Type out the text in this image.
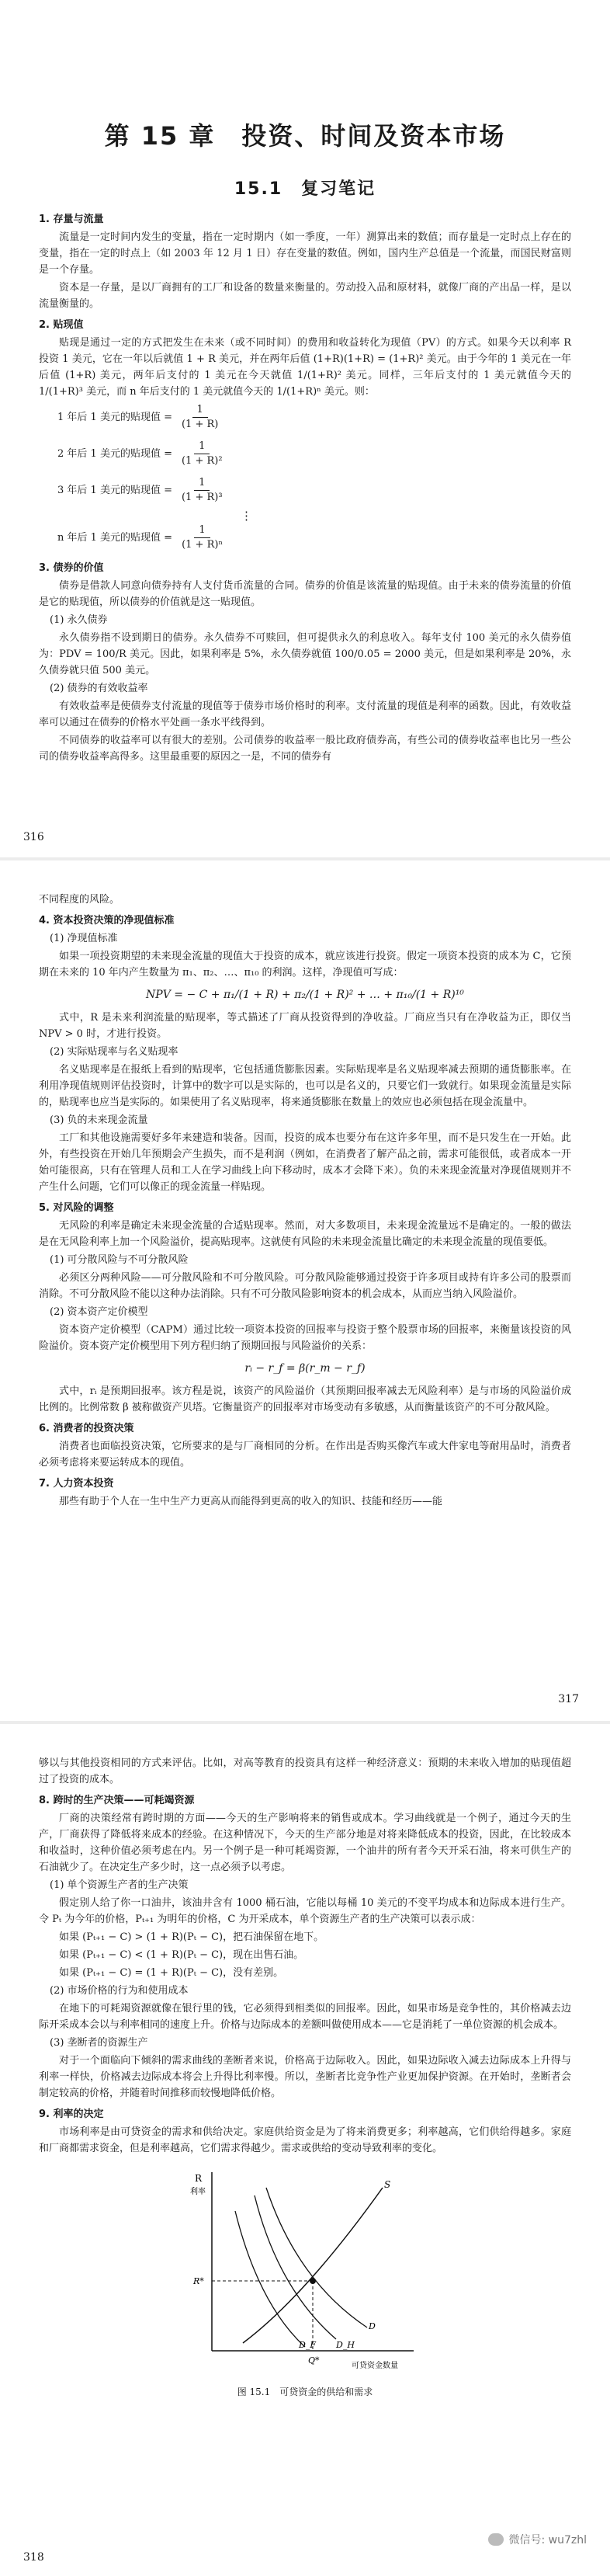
第 15 章　投资、时间及资本市场
15.1　复习笔记
1. 存量与流量

流量是一定时间内发生的变量，指在一定时期内（如一季度，一年）测算出来的数值；而存量是一定时点上存在的变量，指在一定的时点上（如 2003 年 12 月 1 日）存在变量的数值。例如，国内生产总值是一个流量，而国民财富则是一个存量。

资本是一存量，是以厂商拥有的工厂和设备的数量来衡量的。劳动投入品和原材料，就像厂商的产出品一样，是以流量衡量的。

2. 贴现值

贴现是通过一定的方式把发生在未来（或不同时间）的费用和收益转化为现值（PV）的方式。如果今天以利率 R 投资 1 美元，它在一年以后就值 1 + R 美元，并在两年后值 (1+R)(1+R) = (1+R)² 美元。由于今年的 1 美元在一年后值 (1+R) 美元，两年后支付的 1 美元在今天就值 1/(1+R)² 美元。同样，三年后支付的 1 美元就值今天的 1/(1+R)³ 美元，而 n 年后支付的 1 美元就值今天的 1/(1+R)ⁿ 美元。则：

1 年后 1 美元的贴现值 = $\frac{1}{(1 + R)}$
2 年后 1 美元的贴现值 = $\frac{1}{\text{(1 + R)²}}$
3 年后 1 美元的贴现值 = $\frac{1}{\text{(1 + R)³}}$
⋮
n 年后 1 美元的贴现值 = $\frac{1}{\text{(1 + R)ⁿ}}$
3. 债券的价值

债券是借款人同意向债券持有人支付货币流量的合同。债券的价值是该流量的贴现值。由于未来的债券流量的价值是它的贴现值，所以债券的价值就是这一贴现值。

(1) 永久债券

永久债券指不设到期日的债券。永久债券不可赎回，但可提供永久的利息收入。每年支付 100 美元的永久债券值为：PDV = 100/R 美元。因此，如果利率是 5%，永久债券就值 100/0.05 = 2000 美元，但是如果利率是 20%，永久债券就只值 500 美元。

(2) 债券的有效收益率

有效收益率是使债券支付流量的现值等于债券市场价格时的利率。支付流量的现值是利率的函数。因此，有效收益率可以通过在债券的价格水平处画一条水平线得到。

不同债券的收益率可以有很大的差别。公司债券的收益率一般比政府债券高，有些公司的债券收益率也比另一些公司的债券收益率高得多。这里最重要的原因之一是，不同的债券有

316

不同程度的风险。

4. 资本投资决策的净现值标准
(1) 净现值标准

如果一项投资期望的未来现金流量的现值大于投资的成本，就应该进行投资。假定一项资本投资的成本为 C，它预期在未来的 10 年内产生数量为 π₁、π₂、…、π₁₀ 的利润。这样，净现值可写成：

NPV = − C + π₁/(1 + R) + π₂/(1 + R)² + … + π₁₀/(1 + R)¹⁰

式中，R 是未来利润流量的贴现率，等式描述了厂商从投资得到的净收益。厂商应当只有在净收益为正，即仅当 NPV > 0 时，才进行投资。

(2) 实际贴现率与名义贴现率

名义贴现率是在报纸上看到的贴现率，它包括通货膨胀因素。实际贴现率是名义贴现率减去预期的通货膨胀率。在利用净现值规则评估投资时，计算中的数字可以是实际的，也可以是名义的，只要它们一致就行。如果现金流量是实际的，贴现率也应当是实际的。如果使用了名义贴现率，将来通货膨胀在数量上的效应也必须包括在现金流量中。

(3) 负的未来现金流量

工厂和其他设施需要好多年来建造和装备。因而，投资的成本也要分布在这许多年里，而不是只发生在一开始。此外，有些投资在开始几年预期会产生损失，而不是利润（例如，在消费者了解产品之前，需求可能很低，或者成本一开始可能很高，只有在管理人员和工人在学习曲线上向下移动时，成本才会降下来）。负的未来现金流量对净现值规则并不产生什么问题，它们可以像正的现金流量一样贴现。

5. 对风险的调整

无风险的利率是确定未来现金流量的合适贴现率。然而，对大多数项目，未来现金流量远不是确定的。一般的做法是在无风险利率上加一个风险溢价，提高贴现率。这就使有风险的未来现金流量比确定的未来现金流量的现值要低。

(1) 可分散风险与不可分散风险

必须区分两种风险——可分散风险和不可分散风险。可分散风险能够通过投资于许多项目或持有许多公司的股票而消除。不可分散风险不能以这种办法消除。只有不可分散风险影响资本的机会成本，从而应当纳入风险溢价。

(2) 资本资产定价模型

资本资产定价模型（CAPM）通过比较一项资本投资的回报率与投资于整个股票市场的回报率，来衡量该投资的风险溢价。资本资产定价模型用下列方程归纳了预期回报与风险溢价的关系：

rᵢ − r_f = β(r_m − r_f)

式中，rᵢ 是预期回报率。该方程是说，该资产的风险溢价（其预期回报率减去无风险利率）是与市场的风险溢价成比例的。比例常数 β 被称做资产贝塔。它衡量资产的回报率对市场变动有多敏感，从而衡量该资产的不可分散风险。

6. 消费者的投资决策

消费者也面临投资决策，它所要求的是与厂商相同的分析。在作出是否购买像汽车或大件家电等耐用品时，消费者必须考虑将来要运转成本的现值。

7. 人力资本投资

那些有助于个人在一生中生产力更高从而能得到更高的收入的知识、技能和经历——能

317

够以与其他投资相同的方式来评估。比如，对高等教育的投资具有这样一种经济意义：预期的未来收入增加的贴现值超过了投资的成本。

8. 跨时的生产决策——可耗竭资源

厂商的决策经常有跨时期的方面——今天的生产影响将来的销售或成本。学习曲线就是一个例子，通过今天的生产，厂商获得了降低将来成本的经验。在这种情况下，今天的生产部分地是对将来降低成本的投资，因此，在比较成本和收益时，这种价值必须考虑在内。另一个例子是一种可耗竭资源，一个油井的所有者今天开采石油，将来可供生产的石油就少了。在决定生产多少时，这一点必须予以考虑。

(1) 单个资源生产者的生产决策

假定别人给了你一口油井，该油井含有 1000 桶石油，它能以每桶 10 美元的不变平均成本和边际成本进行生产。令 Pₜ 为今年的价格，Pₜ₊₁ 为明年的价格，C 为开采成本，单个资源生产者的生产决策可以表示成：

如果 (Pₜ₊₁ − C) > (1 + R)(Pₜ − C)，把石油保留在地下。

如果 (Pₜ₊₁ − C) < (1 + R)(Pₜ − C)，现在出售石油。

如果 (Pₜ₊₁ − C) = (1 + R)(Pₜ − C)，没有差别。

(2) 市场价格的行为和使用成本

在地下的可耗竭资源就像在银行里的钱，它必须得到相类似的回报率。因此，如果市场是竞争性的，其价格减去边际开采成本会以与利率相同的速度上升。价格与边际成本的差额叫做使用成本——它是消耗了一单位资源的机会成本。

(3) 垄断者的资源生产

对于一个面临向下倾斜的需求曲线的垄断者来说，价格高于边际收入。因此，如果边际收入减去边际成本上升得与利率一样快，价格减去边际成本将会上升得比利率慢。所以，垄断者比竞争性产业更加保护资源。在开始时，垄断者会制定较高的价格，并随着时间推移而较慢地降低价格。

9. 利率的决定

市场利率是由可贷资金的需求和供给决定。家庭供给资金是为了将来消费更多；利率越高，它们供给得越多。家庭和厂商都需求资金，但是利率越高，它们需求得越少。需求或供给的变动导致利率的变化。

R
利率
S
D_H
D
D_F
R*
Q*
可贷资金数量
图 15.1　可贷资金的供给和需求
318
微信号: wu7zhl
